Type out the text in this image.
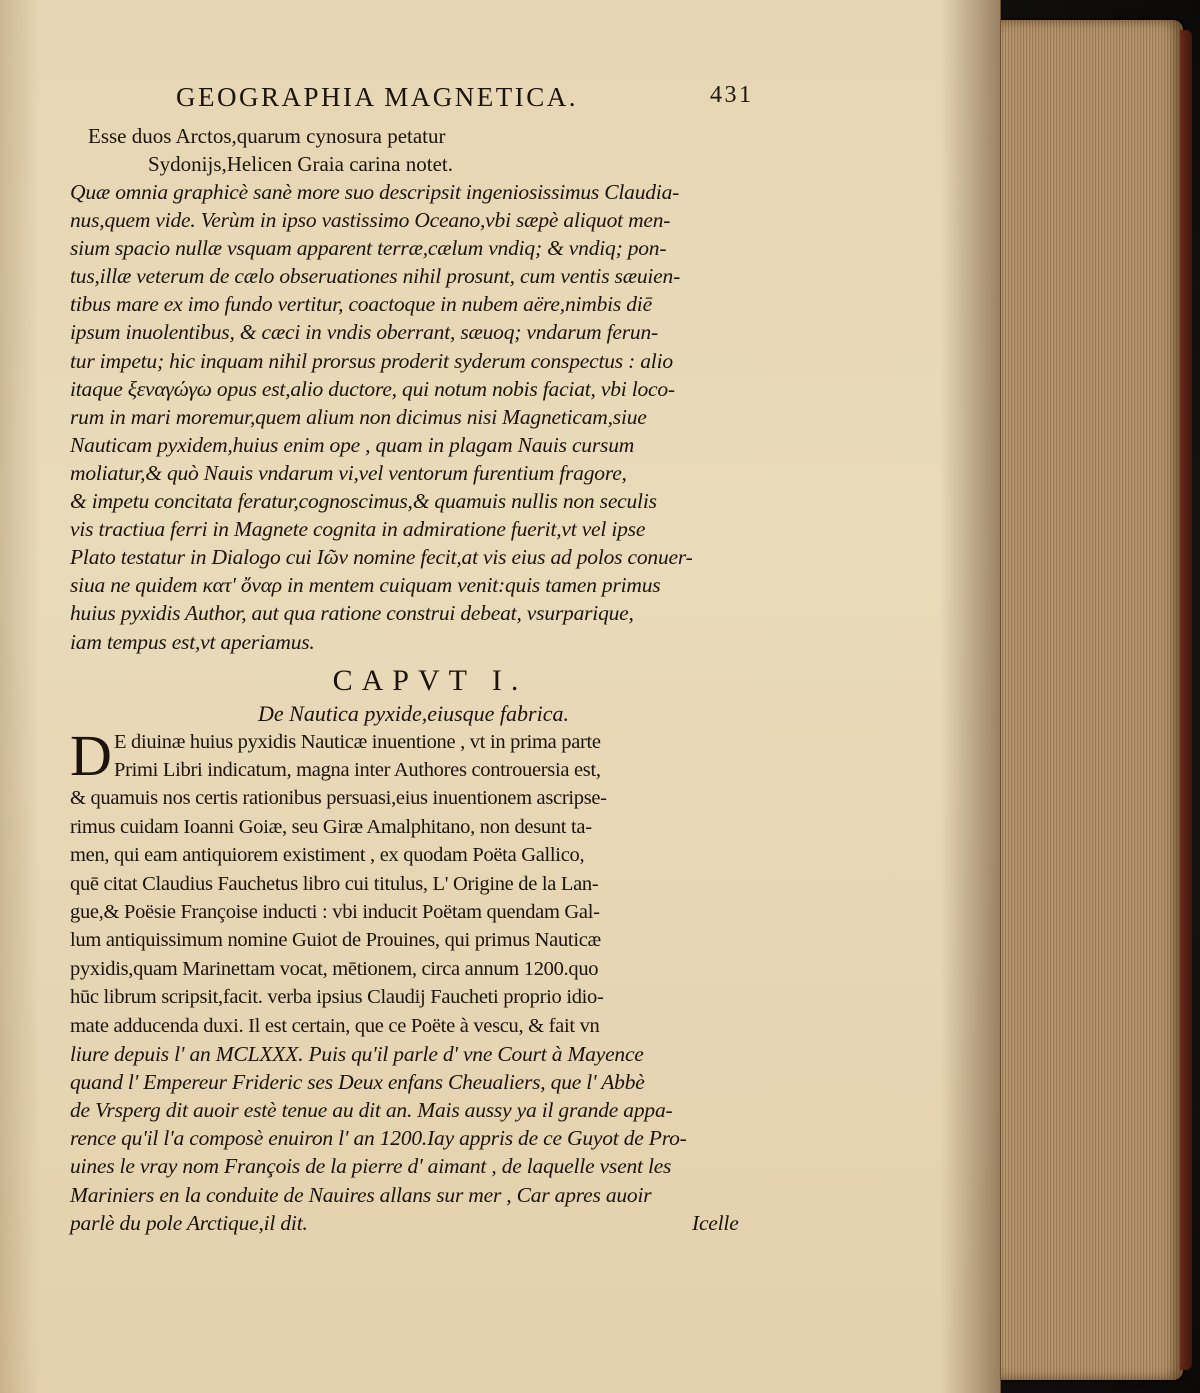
GEOGRAPHIA MAGNETICA.	431
Esse duos Arctos,quarum cynosura petatur
Sydonijs,Helicen Graia carina notet.
Quæ omnia graphicè sanè more suo descripsit ingeniosissimus Claudia-
nus,quem vide. Verùm in ipso vastissimo Oceano,vbi sæpè aliquot men-
sium spacio nullæ vsquam apparent terræ,cælum vndiq; & vndiq; pon-
tus,illæ veterum de cælo obseruationes nihil prosunt, cum ventis sæuien-
tibus mare ex imo fundo vertitur, coactoque in nubem aëre,nimbis diē
ipsum inuolentibus, & cæci in vndis oberrant, sæuoq; vndarum ferun-
tur impetu; hic inquam nihil prorsus proderit syderum conspectus : alio
itaque ξεναγώγω opus est,alio ductore, qui notum nobis faciat, vbi loco-
rum in mari moremur,quem alium non dicimus nisi Magneticam,siue
Nauticam pyxidem,huius enim ope , quam in plagam Nauis cursum
moliatur,& quò Nauis vndarum vi,vel ventorum furentium fragore,
& impetu concitata feratur,cognoscimus,& quamuis nullis non seculis
vis tractiua ferri in Magnete cognita in admiratione fuerit,vt vel ipse
Plato testatur in Dialogo cui Ιῶν nomine fecit,at vis eius ad polos conuer-
siua ne quidem κατ' ὄναρ in mentem cuiquam venit:quis tamen primus
huius pyxidis Author, aut qua ratione construi debeat, vsurparique,
iam tempus est,vt aperiamus.
CAPVT I.
De Nautica pyxide,eiusque fabrica.
D E diuinæ huius pyxidis Nauticæ inuentione , vt in prima parte
Primi Libri indicatum, magna inter Authores controuersia est,
& quamuis nos certis rationibus persuasi,eius inuentionem ascripse-
rimus cuidam Ioanni Goiæ, seu Giræ Amalphitano, non desunt ta-
men, qui eam antiquiorem existiment , ex quodam Poëta Gallico,
quē citat Claudius Fauchetus libro cui titulus, L' Origine de la Lan-
gue,& Poësie Françoise inducti : vbi inducit Poëtam quendam Gal-
lum antiquissimum nomine Guiot de Prouines, qui primus Nauticæ
pyxidis,quam Marinettam vocat, mētionem, circa annum 1200.quo
hūc librum scripsit,facit. verba ipsius Claudij Faucheti proprio idio-
mate adducenda duxi. Il est certain, que ce Poëte à vescu, & fait vn
liure depuis l' an MCLXXX. Puis qu'il parle d' vne Court à Mayence
quand l' Empereur Frideric ses Deux enfans Cheualiers, que l' Abbè
de Vrsperg dit auoir estè tenue au dit an. Mais aussy ya il grande appa-
rence qu'il l'a composè enuiron l' an 1200.Iay appris de ce Guyot de Pro-
uines le vray nom François de la pierre d' aimant , de laquelle vsent les
Mariniers en la conduite de Nauires allans sur mer , Car apres auoir
parlè du pole Arctique,il dit.	Icelle
